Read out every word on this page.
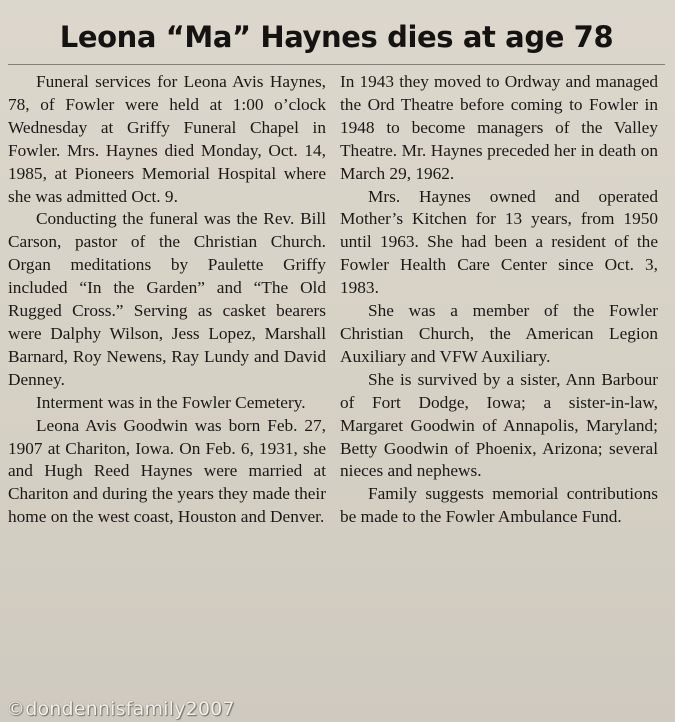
Leona “Ma” Haynes dies at age 78

Funeral services for Leona Avis Haynes, 78, of Fowler were held at 1:00 o’clock Wednesday at Griffy Funeral Chapel in Fowler. Mrs. Haynes died Monday, Oct. 14, 1985, at Pioneers Memorial Hospital where she was admitted Oct. 9.

Conducting the funeral was the Rev. Bill Carson, pastor of the Christian Church. Organ meditations by Paulette Griffy included “In the Garden” and “The Old Rugged Cross.” Serving as casket bearers were Dalphy Wilson, Jess Lopez, Marshall Barnard, Roy Newens, Ray Lundy and David Denney.

Interment was in the Fowler Cemetery.

Leona Avis Goodwin was born Feb. 27, 1907 at Chariton, Iowa. On Feb. 6, 1931, she and Hugh Reed Haynes were married at Chariton and during the years they made their home on the west coast, Houston and Denver.

In 1943 they moved to Ordway and managed the Ord Theatre before coming to Fowler in 1948 to become managers of the Valley Theatre. Mr. Haynes preceded her in death on March 29, 1962.

Mrs. Haynes owned and operated Mother’s Kitchen for 13 years, from 1950 until 1963. She had been a resident of the Fowler Health Care Center since Oct. 3, 1983.

She was a member of the Fowler Christian Church, the American Legion Auxiliary and VFW Auxiliary.

She is survived by a sister, Ann Barbour of Fort Dodge, Iowa; a sister-in-law, Margaret Goodwin of Annapolis, Maryland; Betty Goodwin of Phoenix, Arizona; several nieces and nephews.

Family suggests memorial contributions be made to the Fowler Ambulance Fund.

©dondennisfamily2007
